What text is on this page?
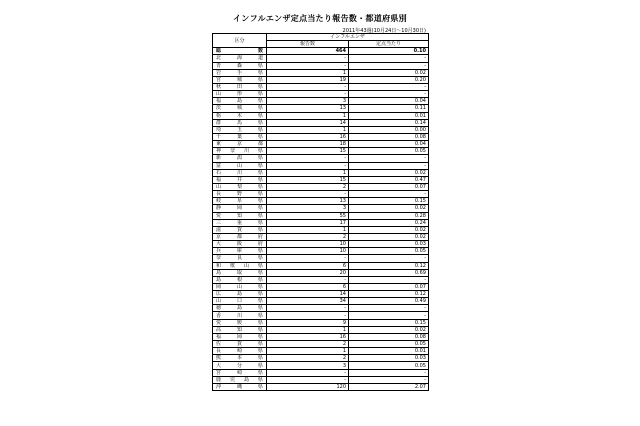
インフルエンザ定点当たり報告数・都道府県別
2011年43週(10月24日～10月30日)
区分	インフルエンザ	
	報告数	定点当たり
総数	464	0.10
北海道	-	-
青森県	-	-
岩手県	1	0.02
宮城県	19	0.20
秋田県	-	-
山形県	-	-
福島県	3	0.04
茨城県	13	0.11
栃木県	1	0.01
群馬県	14	0.14
埼玉県	1	0.00
千葉県	16	0.08
東京都	18	0.04
神奈川県	15	0.05
新潟県	-	-
富山県	-	-
石川県	1	0.02
福井県	15	0.47
山梨県	2	0.07
長野県	-	-
岐阜県	13	0.15
静岡県	3	0.02
愛知県	55	0.28
三重県	17	0.24
滋賀県	1	0.02
京都府	2	0.02
大阪府	10	0.03
兵庫県	10	0.05
奈良県	-	-
和歌山県	6	0.12
鳥取県	20	0.69
島根県	-	-
岡山県	6	0.07
広島県	14	0.12
山口県	34	0.49
徳島県	-	-
香川県	-	-
愛媛県	9	0.15
高知県	1	0.02
福岡県	16	0.08
佐賀県	2	0.05
長崎県	1	0.01
熊本県	2	0.03
大分県	3	0.05
宮崎県	-	-
鹿児島県	-	-
沖縄県	120	2.07
